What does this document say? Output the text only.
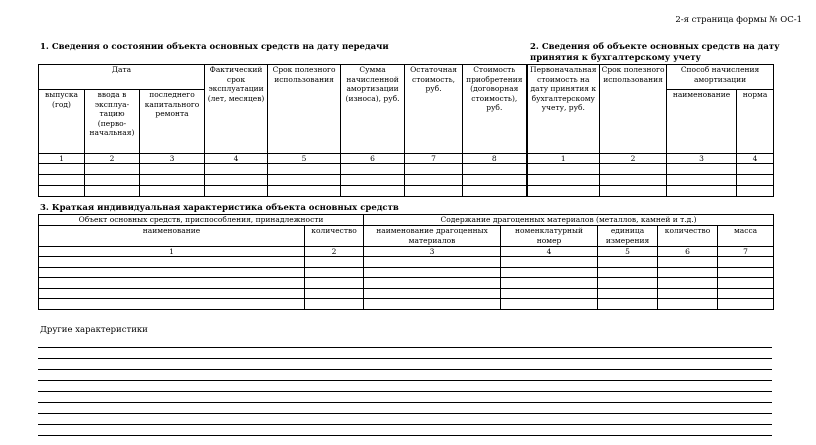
2-я страница формы № ОС-1
1. Сведения о состоянии объекта основных средств на дату передачи	2. Сведения об объекте основных средств на дату принятия к бухгалтерскому учету
Дата			Фактический срок эксплуатации (лет, месяцев)	Срок полезного использования	Сумма начисленной амортизации (износа), руб.	Остаточная стоимость, руб.	Стоимость приобретения (договорная стоимость), руб.	Первоначальная стоимость на дату принятия к бухгалтерскому учету, руб.	Срок полезного использования	Способ начисления амортизации	
выпуска (год)	ввода в эксплуа-тацию (перво-начальная)	последнего капитального ремонта								наименование	норма
1	2	3	4	5	6	7	8	1	2	3	4

3. Краткая индивидуальная характеристика объекта основных средств
Объект основных средств, приспособления, принадлежности		Содержание драгоценных материалов (металлов, камней и т.д.)				
наименование	количество	наименование драгоценных материалов	номенклатурный номер	единица измерения	количество	масса
1	2	3	4	5	6	7

Другие характеристики
